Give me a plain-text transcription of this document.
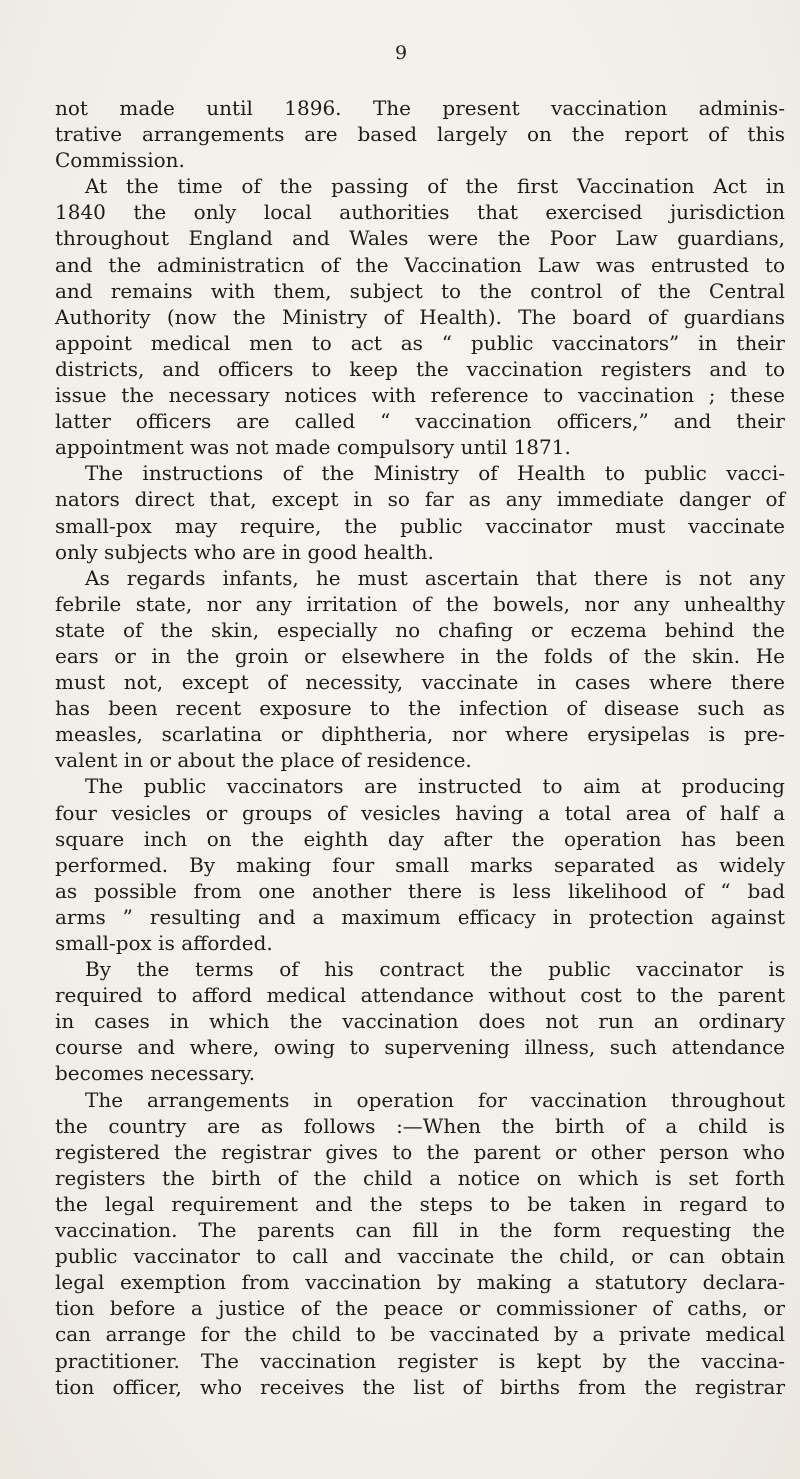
9
not made until 1896. The present vaccination adminis-
trative arrangements are based largely on the report of this
Commission.
At the time of the passing of the first Vaccination Act in
1840 the only local authorities that exercised jurisdiction
throughout England and Wales were the Poor Law guardians,
and the administraticn of the Vaccination Law was entrusted to
and remains with them, subject to the control of the Central
Authority (now the Ministry of Health). The board of guardians
appoint medical men to act as “ public vaccinators” in their
districts, and officers to keep the vaccination registers and to
issue the necessary notices with reference to vaccination ; these
latter officers are called “ vaccination officers,” and their
appointment was not made compulsory until 1871.
The instructions of the Ministry of Health to public vacci-
nators direct that, except in so far as any immediate danger of
small-pox may require, the public vaccinator must vaccinate
only subjects who are in good health.
As regards infants, he must ascertain that there is not any
febrile state, nor any irritation of the bowels, nor any unhealthy
state of the skin, especially no chafing or eczema behind the
ears or in the groin or elsewhere in the folds of the skin. He
must not, except of necessity, vaccinate in cases where there
has been recent exposure to the infection of disease such as
measles, scarlatina or diphtheria, nor where erysipelas is pre-
valent in or about the place of residence.
The public vaccinators are instructed to aim at producing
four vesicles or groups of vesicles having a total area of half a
square inch on the eighth day after the operation has been
performed. By making four small marks separated as widely
as possible from one another there is less likelihood of “ bad
arms ” resulting and a maximum efficacy in protection against
small-pox is afforded.
By the terms of his contract the public vaccinator is
required to afford medical attendance without cost to the parent
in cases in which the vaccination does not run an ordinary
course and where, owing to supervening illness, such attendance
becomes necessary.
The arrangements in operation for vaccination throughout
the country are as follows :—When the birth of a child is
registered the registrar gives to the parent or other person who
registers the birth of the child a notice on which is set forth
the legal requirement and the steps to be taken in regard to
vaccination. The parents can fill in the form requesting the
public vaccinator to call and vaccinate the child, or can obtain
legal exemption from vaccination by making a statutory declara-
tion before a justice of the peace or commissioner of caths, or
can arrange for the child to be vaccinated by a private medical
practitioner. The vaccination register is kept by the vaccina-
tion officer, who receives the list of births from the registrar
